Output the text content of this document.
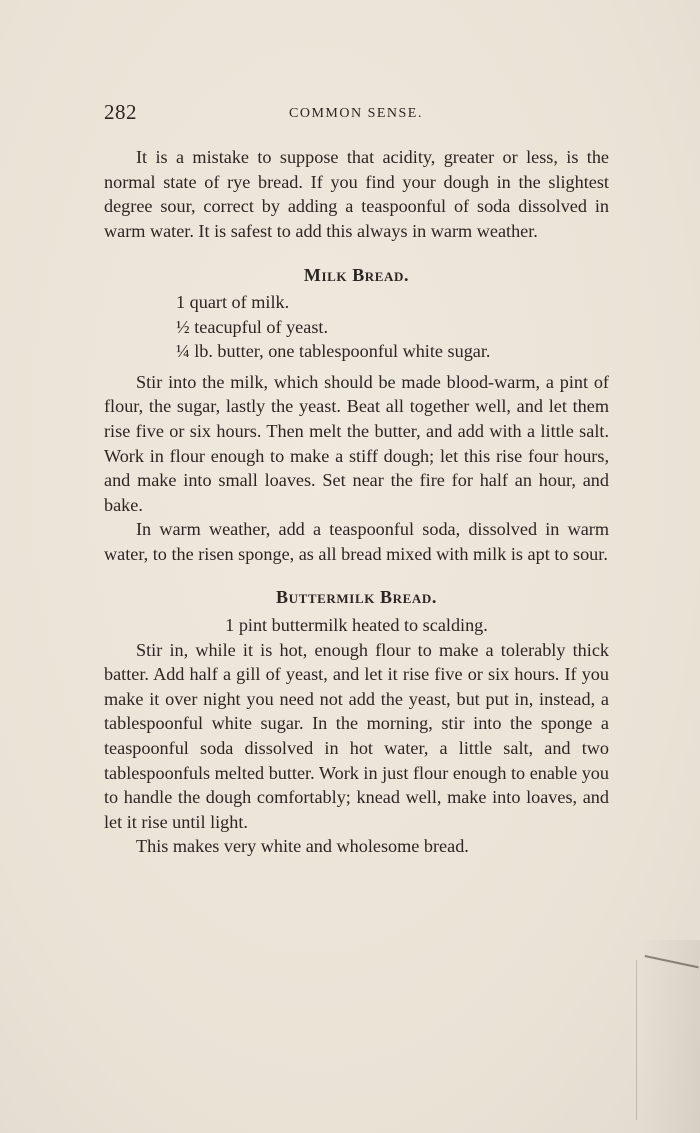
282	COMMON SENSE.

It is a mistake to suppose that acidity, greater or less, is the normal state of rye bread. If you find your dough in the slightest degree sour, correct by adding a teaspoonful of soda dissolved in warm water. It is safest to add this always in warm weather.

Milk Bread.

1 quart of milk.

½ teacupful of yeast.

¼ lb. butter, one tablespoonful white sugar.

Stir into the milk, which should be made blood-warm, a pint of flour, the sugar, lastly the yeast. Beat all together well, and let them rise five or six hours. Then melt the butter, and add with a little salt. Work in flour enough to make a stiff dough; let this rise four hours, and make into small loaves. Set near the fire for half an hour, and bake.

In warm weather, add a teaspoonful soda, dissolved in warm water, to the risen sponge, as all bread mixed with milk is apt to sour.

Buttermilk Bread.

1 pint buttermilk heated to scalding.

Stir in, while it is hot, enough flour to make a tolerably thick batter. Add half a gill of yeast, and let it rise five or six hours. If you make it over night you need not add the yeast, but put in, instead, a tablespoonful white sugar. In the morning, stir into the sponge a teaspoonful soda dissolved in hot water, a little salt, and two tablespoonfuls melted butter. Work in just flour enough to enable you to handle the dough comfortably; knead well, make into loaves, and let it rise until light.

This makes very white and wholesome bread.
